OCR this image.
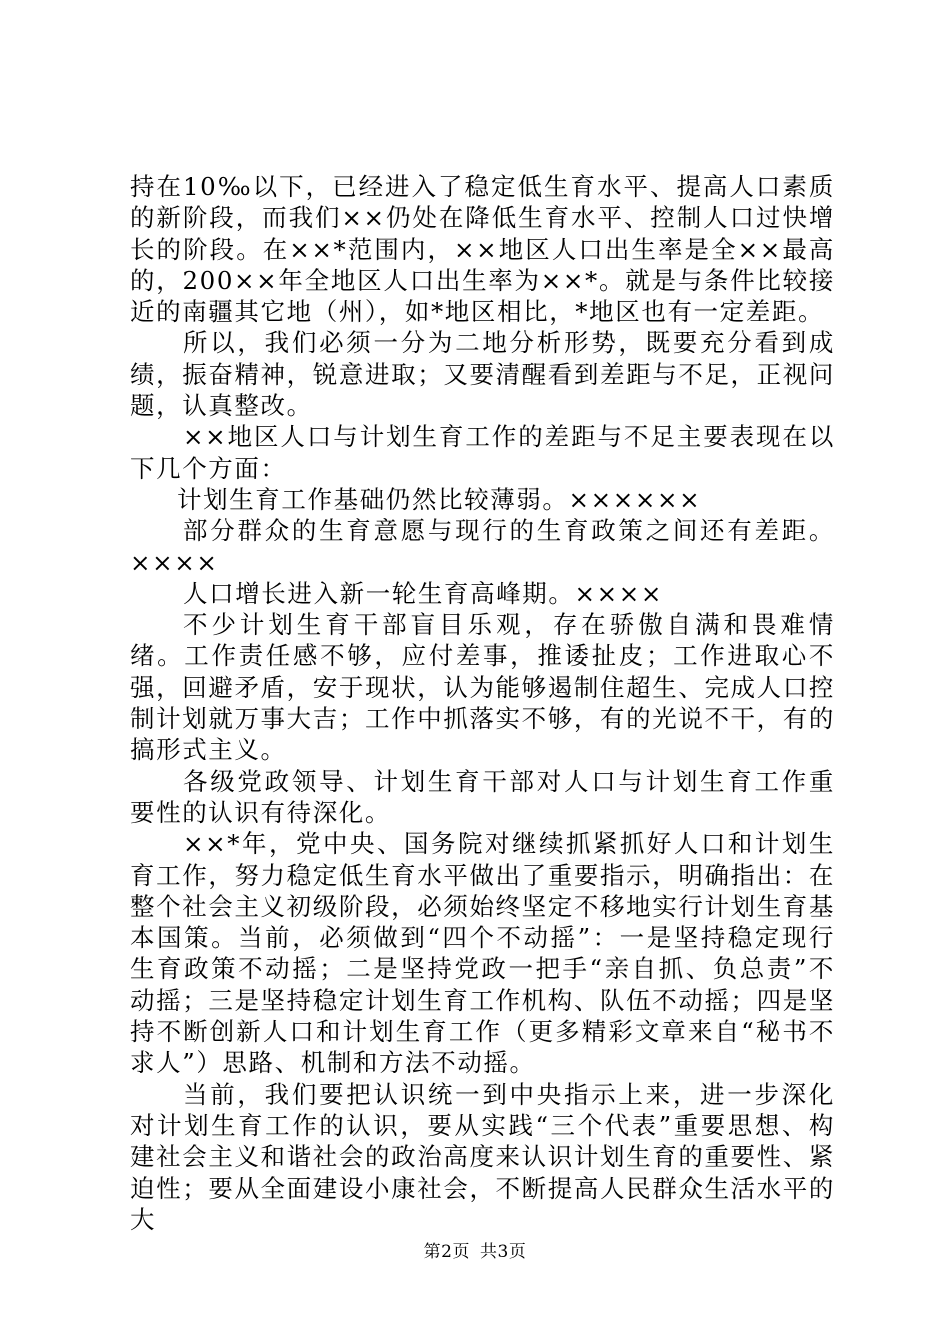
持在10‰以下，已经进入了稳定低生育水平、提高人口素质的新阶段，而我们××仍处在降低生育水平、控制人口过快增长的阶段。在××*范围内，××地区人口出生率是全××最高的，200××年全地区人口出生率为××*。就是与条件比较接近的南疆其它地（州），如*地区相比，*地区也有一定差距。

所以，我们必须一分为二地分析形势，既要充分看到成绩，振奋精神，锐意进取；又要清醒看到差距与不足，正视问题，认真整改。

××地区人口与计划生育工作的差距与不足主要表现在以下几个方面：

计划生育工作基础仍然比较薄弱。××××××

部分群众的生育意愿与现行的生育政策之间还有差距。××××

人口增长进入新一轮生育高峰期。××××

不少计划生育干部盲目乐观，存在骄傲自满和畏难情绪。工作责任感不够，应付差事，推诿扯皮；工作进取心不强，回避矛盾，安于现状，认为能够遏制住超生、完成人口控制计划就万事大吉；工作中抓落实不够，有的光说不干，有的搞形式主义。

各级党政领导、计划生育干部对人口与计划生育工作重要性的认识有待深化。

××*年，党中央、国务院对继续抓紧抓好人口和计划生育工作，努力稳定低生育水平做出了重要指示，明确指出：在整个社会主义初级阶段，必须始终坚定不移地实行计划生育基本国策。当前，必须做到“四个不动摇”：一是坚持稳定现行生育政策不动摇；二是坚持党政一把手“亲自抓、负总责”不动摇；三是坚持稳定计划生育工作机构、队伍不动摇；四是坚持不断创新人口和计划生育工作（更多精彩文章来自“秘书不求人”）思路、机制和方法不动摇。

当前，我们要把认识统一到中央指示上来，进一步深化对计划生育工作的认识，要从实践“三个代表”重要思想、构建社会主义和谐社会的政治高度来认识计划生育的重要性、紧迫性；要从全面建设小康社会，不断提高人民群众生活水平的大

第2页 共3页
